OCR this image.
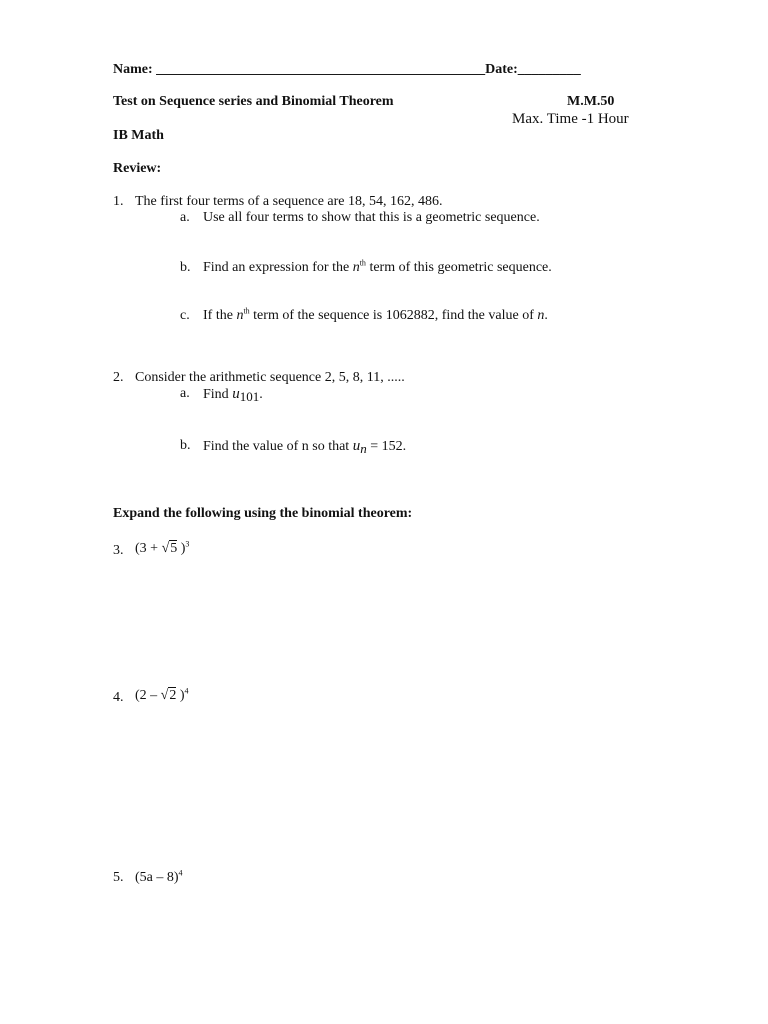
Name: _______________________________________________Date:_________
Test on Sequence series and Binomial Theorem	M.M.50
Max. Time -1 Hour
IB Math
Review:
1. The first four terms of a sequence are 18, 54, 162, 486.
a. Use all four terms to show that this is a geometric sequence.
b. Find an expression for the $n^{th}$ term of this geometric sequence.
c. If the $n^{th}$ term of the sequence is 1062882, find the value of n.
2. Consider the arithmetic sequence 2, 5, 8, 11, .....
a. Find u101.
b. Find the value of n so that un = 152.
Expand the following using the binomial theorem:
3. (3 + √5 )$^3$
4. (2 – √2 )$^4$
5. (5a – 8)$^4$
